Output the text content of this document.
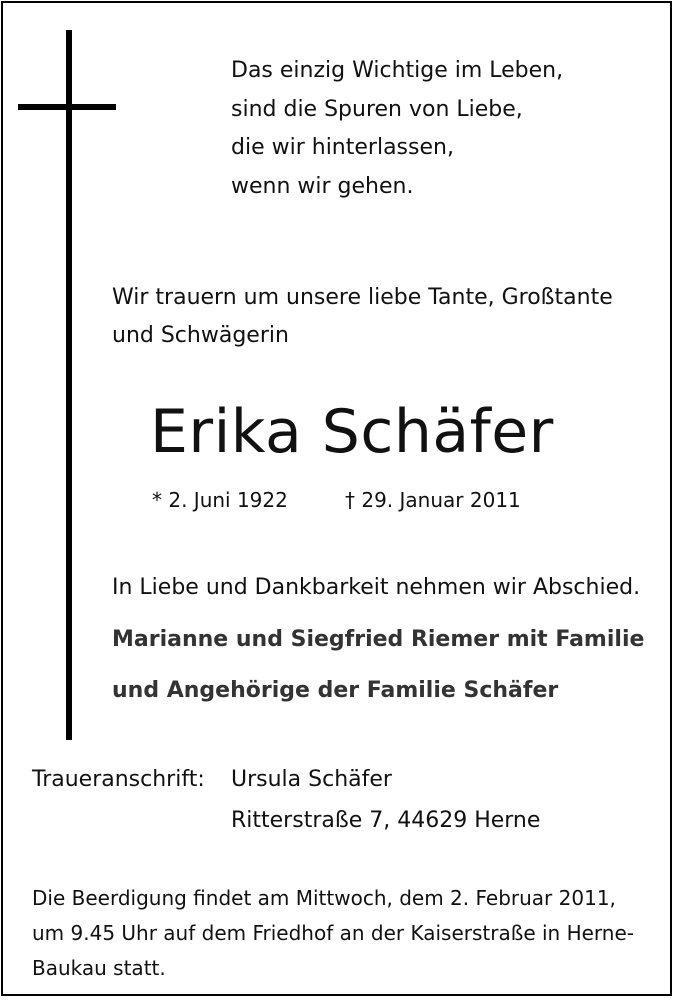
Das einzig Wichtige im Leben,
sind die Spuren von Liebe,
die wir hinterlassen,
wenn wir gehen.
Wir trauern um unsere liebe Tante, Großtante
und Schwägerin
Erika Schäfer
* 2. Juni 1922	† 29. Januar 2011
In Liebe und Dankbarkeit nehmen wir Abschied.
Marianne und Siegfried Riemer mit Familie
und Angehörige der Familie Schäfer
Traueranschrift: Ursula Schäfer
Ritterstraße 7, 44629 Herne
Die Beerdigung findet am Mittwoch, dem 2. Februar 2011,
um 9.45 Uhr auf dem Friedhof an der Kaiserstraße in Herne-
Baukau statt.
